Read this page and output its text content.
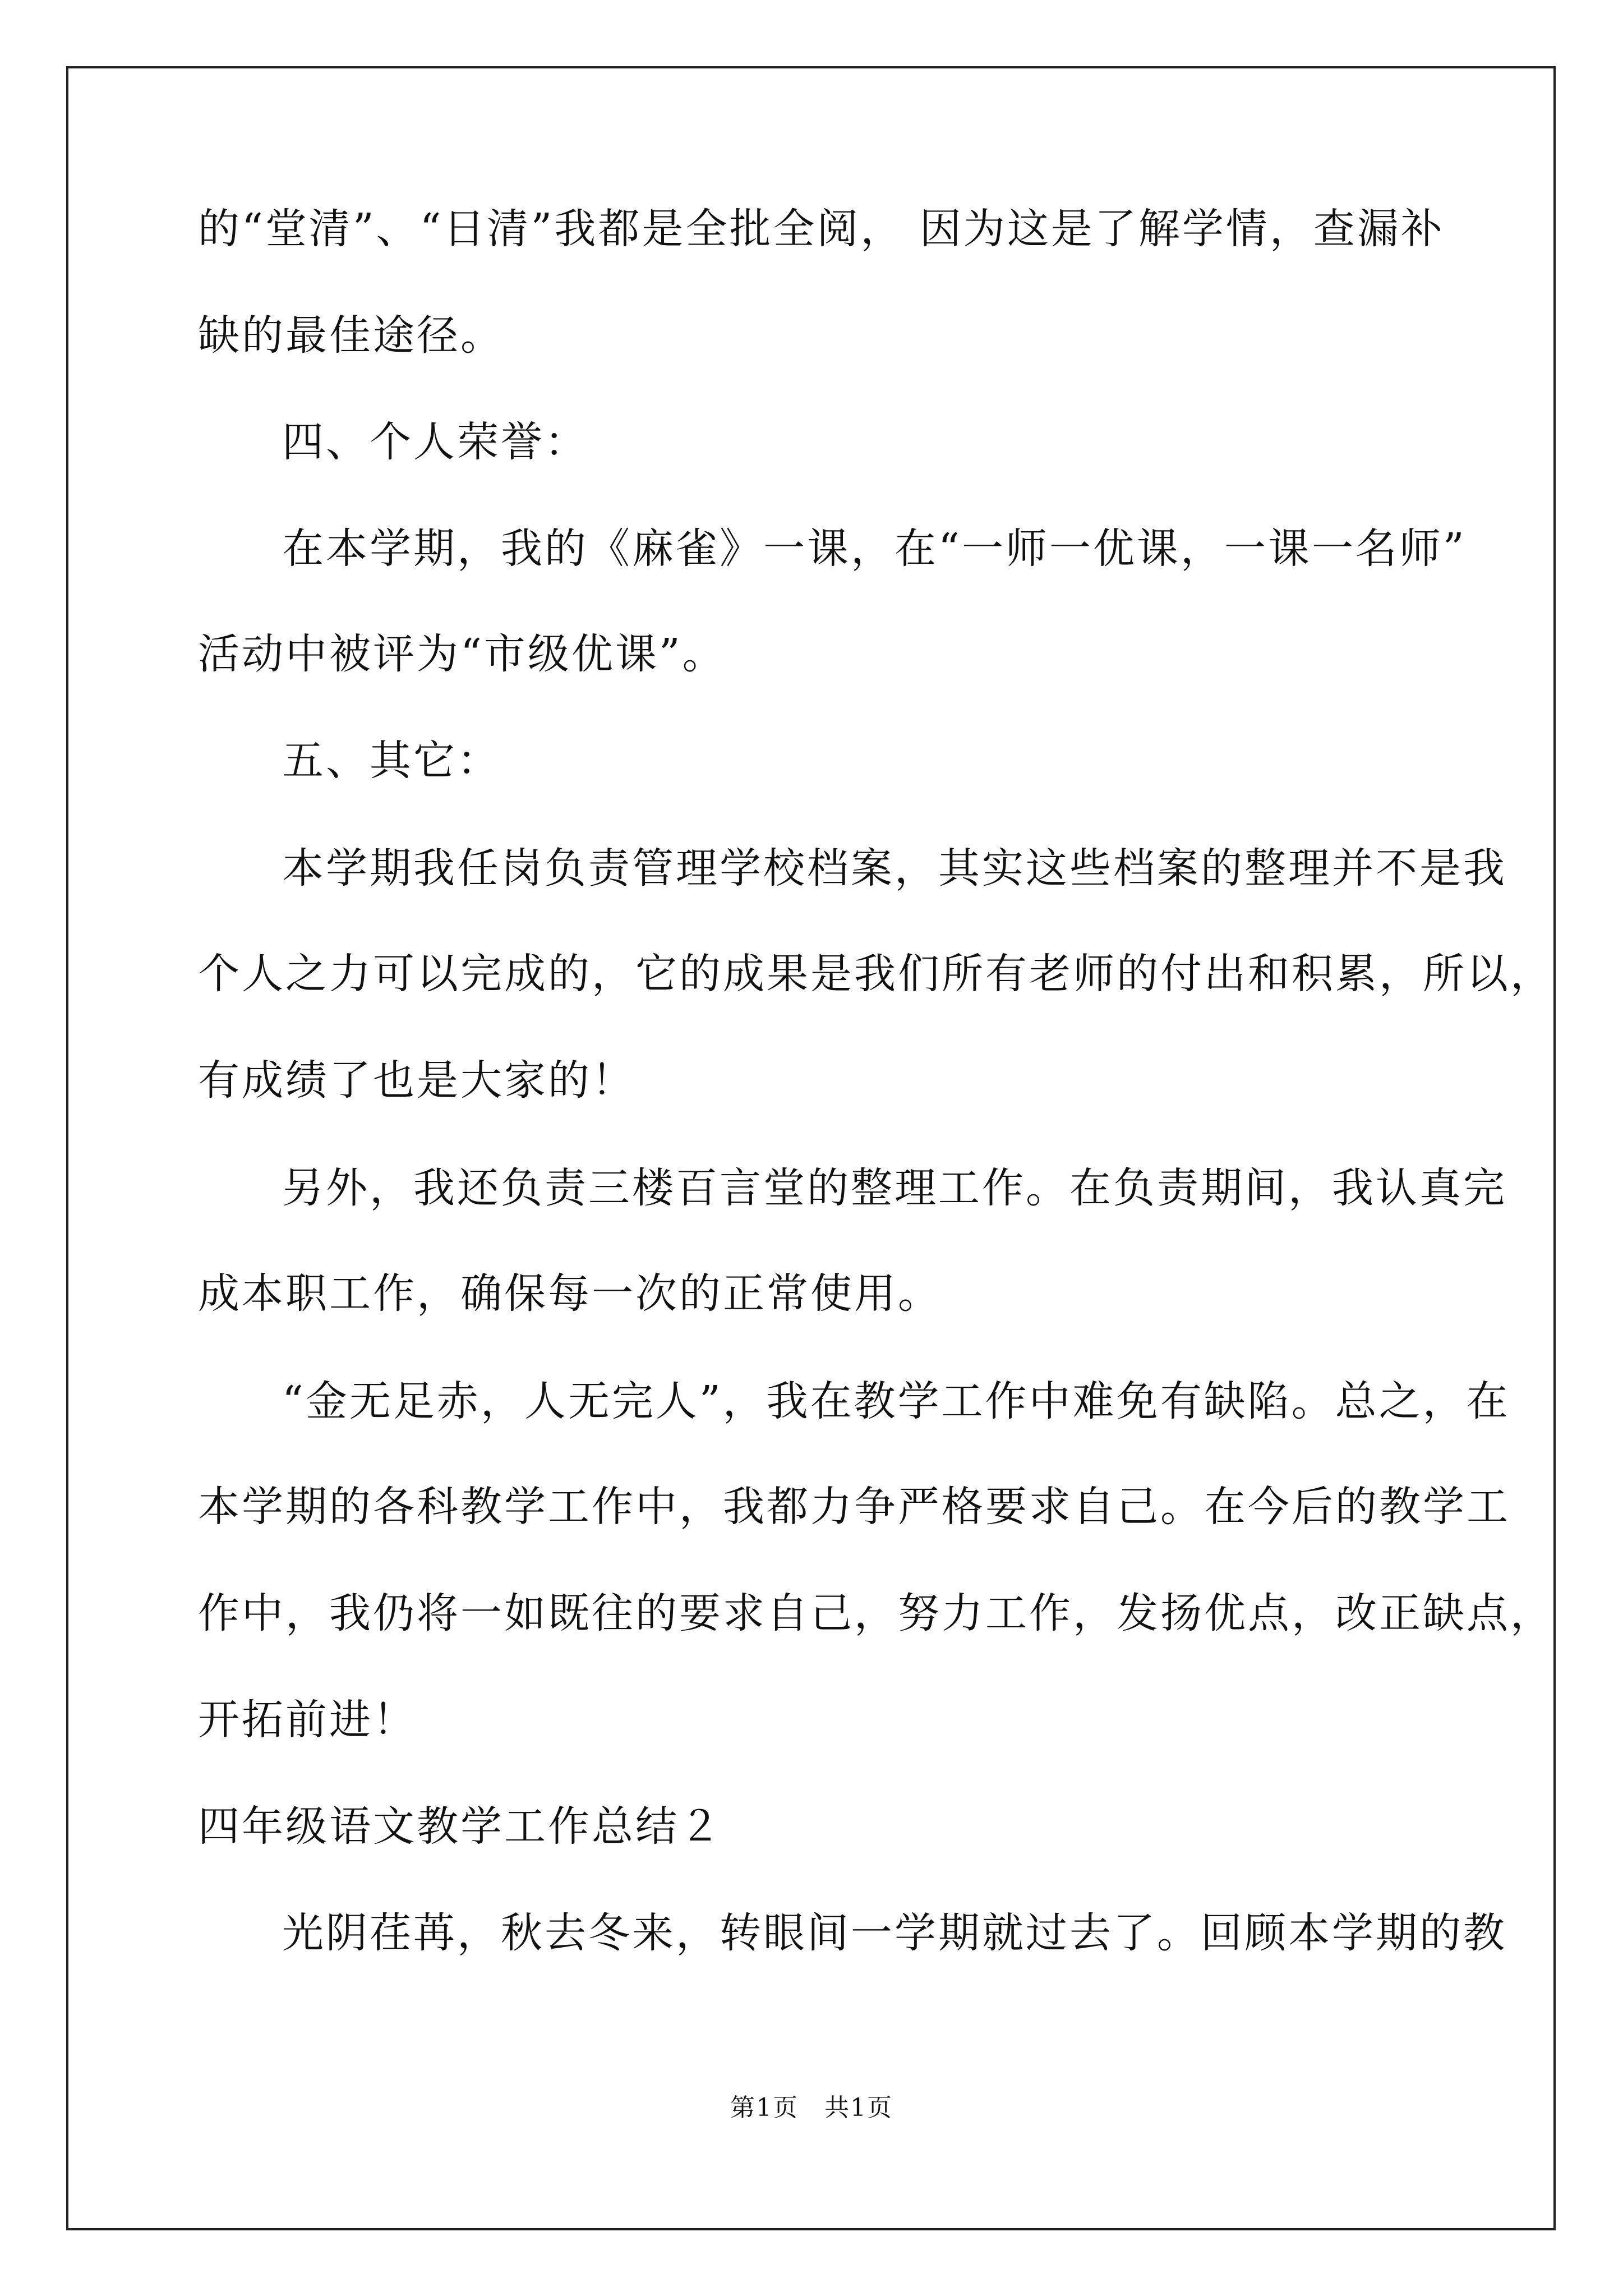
的“堂清”、“日清”我都是全批全阅， 因为这是了解学情，查漏补
缺的最佳途径。
四、个人荣誉：
在本学期，我的《麻雀》一课，在“一师一优课，一课一名师”
活动中被评为“市级优课”。
五、其它：
本学期我任岗负责管理学校档案，其实这些档案的整理并不是我
个人之力可以完成的，它的成果是我们所有老师的付出和积累，所以，
有成绩了也是大家的！
另外，我还负责三楼百言堂的整理工作。在负责期间，我认真完
成本职工作，确保每一次的正常使用。
“金无足赤，人无完人”，我在教学工作中难免有缺陷。总之，在
本学期的各科教学工作中，我都力争严格要求自己。在今后的教学工
作中，我仍将一如既往的要求自己，努力工作，发扬优点，改正缺点，
开拓前进！
四年级语文教学工作总结２
光阴荏苒，秋去冬来，转眼间一学期就过去了。回顾本学期的教
第1页　共1页
